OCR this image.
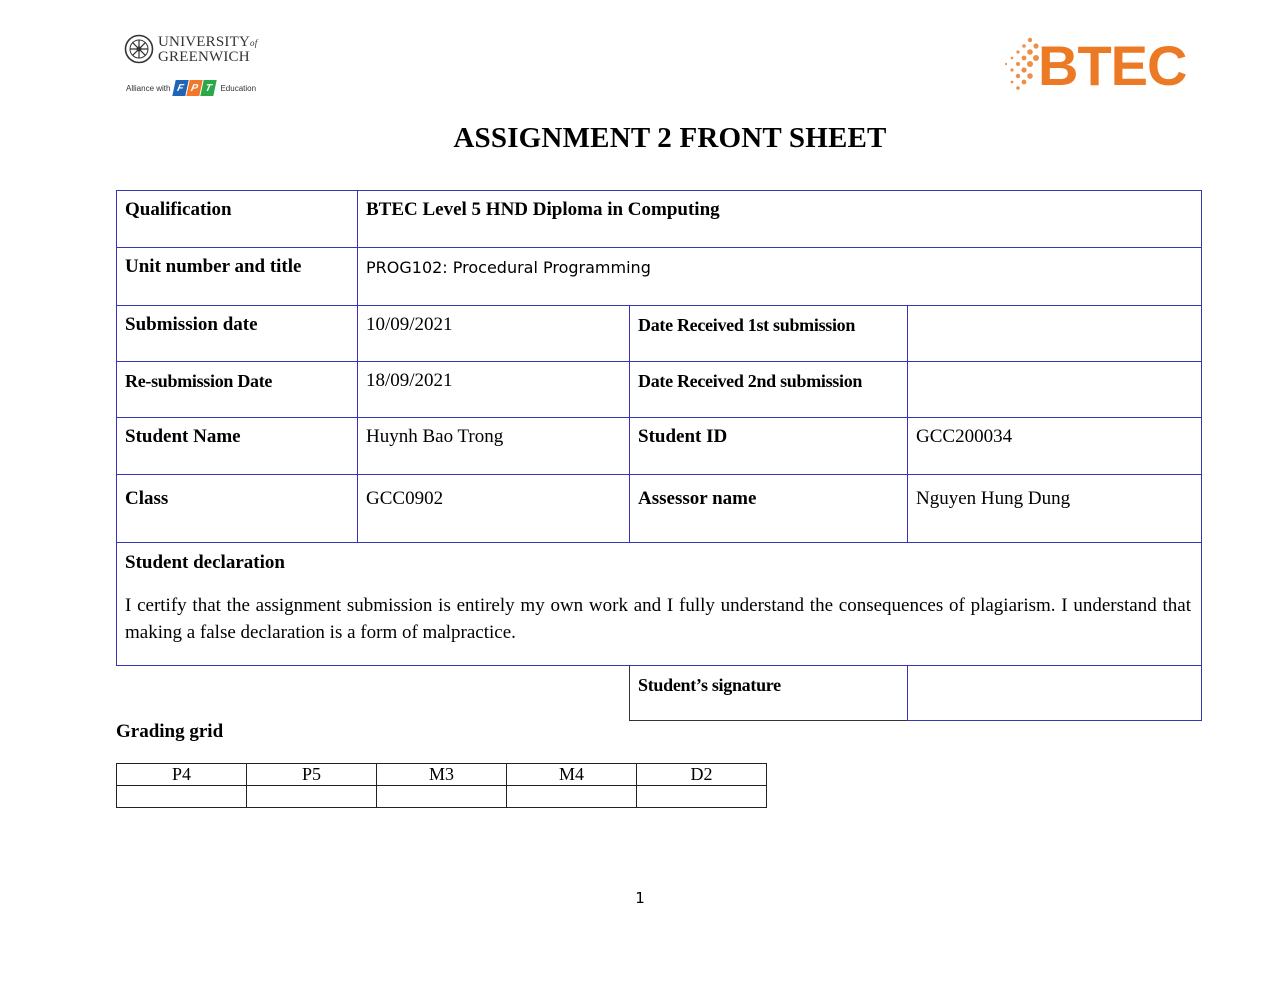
UNIVERSITYof
GREENWICH
Alliance with F P T Education	BTEC
ASSIGNMENT 2 FRONT SHEET
Qualification	BTEC Level 5 HND Diploma in Computing
Unit number and title	PROG102: Procedural Programming
Submission date	10/09/2021	Date Received 1st submission
Re-submission Date	18/09/2021	Date Received 2nd submission
Student Name	Huynh Bao Trong	Student ID	GCC200034
Class	GCC0902	Assessor name	Nguyen Hung Dung
Student declaration
I certify that the assignment submission is entirely my own work and I fully understand the consequences of plagiarism. I understand that making a false declaration is a form of malpractice.
Student’s signature
Grading grid
P4	P5	M3	M4	D2

1
